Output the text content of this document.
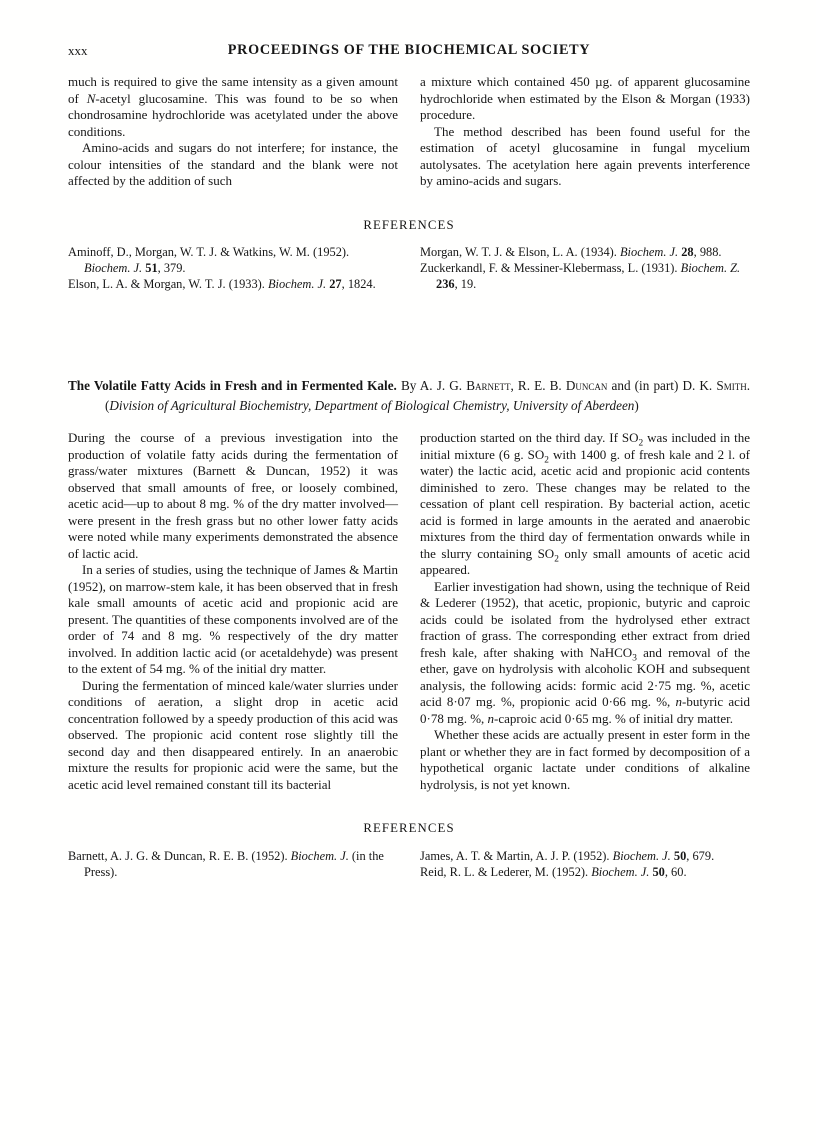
xxx	PROCEEDINGS OF THE BIOCHEMICAL SOCIETY

much is required to give the same intensity as a given amount of N-acetyl glucosamine. This was found to be so when chondrosamine hydrochloride was acetylated under the above conditions.

Amino-acids and sugars do not interfere; for instance, the colour intensities of the standard and the blank were not affected by the addition of such

a mixture which contained 450 µg. of apparent glucosamine hydrochloride when estimated by the Elson & Morgan (1933) procedure.

The method described has been found useful for the estimation of acetyl glucosamine in fungal mycelium autolysates. The acetylation here again prevents interference by amino-acids and sugars.

REFERENCES

Aminoff, D., Morgan, W. T. J. & Watkins, W. M. (1952). Biochem. J. 51, 379.

Elson, L. A. & Morgan, W. T. J. (1933). Biochem. J. 27, 1824.

Morgan, W. T. J. & Elson, L. A. (1934). Biochem. J. 28, 988.

Zuckerkandl, F. & Messiner-Klebermass, L. (1931). Biochem. Z. 236, 19.

The Volatile Fatty Acids in Fresh and in Fermented Kale. By A. J. G. Barnett, R. E. B. Duncan and (in part) D. K. Smith. (Division of Agricultural Biochemistry, Department of Biological Chemistry, University of Aberdeen)

During the course of a previous investigation into the production of volatile fatty acids during the fermentation of grass/water mixtures (Barnett & Duncan, 1952) it was observed that small amounts of free, or loosely combined, acetic acid—up to about 8 mg. % of the dry matter involved—were present in the fresh grass but no other lower fatty acids were noted while many experiments demonstrated the absence of lactic acid.

In a series of studies, using the technique of James & Martin (1952), on marrow-stem kale, it has been observed that in fresh kale small amounts of acetic acid and propionic acid are present. The quantities of these components involved are of the order of 74 and 8 mg. % respectively of the dry matter involved. In addition lactic acid (or acetaldehyde) was present to the extent of 54 mg. % of the initial dry matter.

During the fermentation of minced kale/water slurries under conditions of aeration, a slight drop in acetic acid concentration followed by a speedy production of this acid was observed. The propionic acid content rose slightly till the second day and then disappeared entirely. In an anaerobic mixture the results for propionic acid were the same, but the acetic acid level remained constant till its bacterial

production started on the third day. If $SO_2$ was included in the initial mixture (6 g. $SO_2$ with 1400 g. of fresh kale and 2 l. of water) the lactic acid, acetic acid and propionic acid contents diminished to zero. These changes may be related to the cessation of plant cell respiration. By bacterial action, acetic acid is formed in large amounts in the aerated and anaerobic mixtures from the third day of fermentation onwards while in the slurry containing $SO_2$ only small amounts of acetic acid appeared.

Earlier investigation had shown, using the technique of Reid & Lederer (1952), that acetic, propionic, butyric and caproic acids could be isolated from the hydrolysed ether extract fraction of grass. The corresponding ether extract from dried fresh kale, after shaking with NaHCO$_3$ and removal of the ether, gave on hydrolysis with alcoholic KOH and subsequent analysis, the following acids: formic acid 2·75 mg. %, acetic acid 8·07 mg. %, propionic acid 0·66 mg. %, n-butyric acid 0·78 mg. %, n-caproic acid 0·65 mg. % of initial dry matter.

Whether these acids are actually present in ester form in the plant or whether they are in fact formed by decomposition of a hypothetical organic lactate under conditions of alkaline hydrolysis, is not yet known.

REFERENCES

Barnett, A. J. G. & Duncan, R. E. B. (1952). Biochem. J. (in the Press).

James, A. T. & Martin, A. J. P. (1952). Biochem. J. 50, 679.

Reid, R. L. & Lederer, M. (1952). Biochem. J. 50, 60.
